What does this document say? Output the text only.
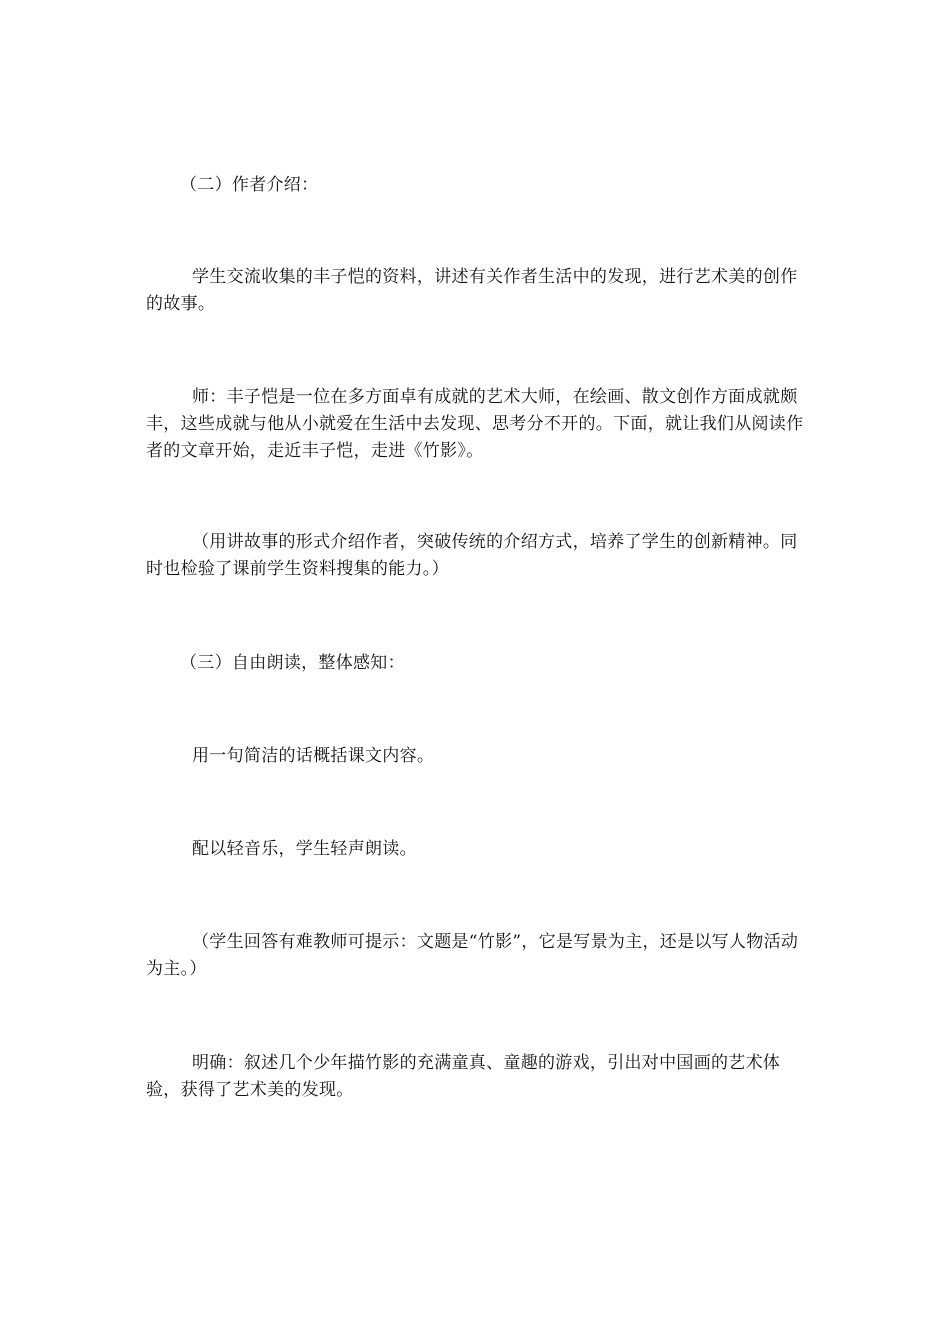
（二）作者介绍：

学生交流收集的丰子恺的资料，讲述有关作者生活中的发现，进行艺术美的创作的故事。

师：丰子恺是一位在多方面卓有成就的艺术大师，在绘画、散文创作方面成就颇丰，这些成就与他从小就爱在生活中去发现、思考分不开的。下面，就让我们从阅读作者的文章开始，走近丰子恺，走进《竹影》。

（用讲故事的形式介绍作者，突破传统的介绍方式，培养了学生的创新精神。同时也检验了课前学生资料搜集的能力。）

（三）自由朗读，整体感知：

用一句简洁的话概括课文内容。

配以轻音乐，学生轻声朗读。

（学生回答有难教师可提示：文题是“竹影”，它是写景为主，还是以写人物活动为主。）

明确：叙述几个少年描竹影的充满童真、童趣的游戏，引出对中国画的艺术体验，获得了艺术美的发现。
